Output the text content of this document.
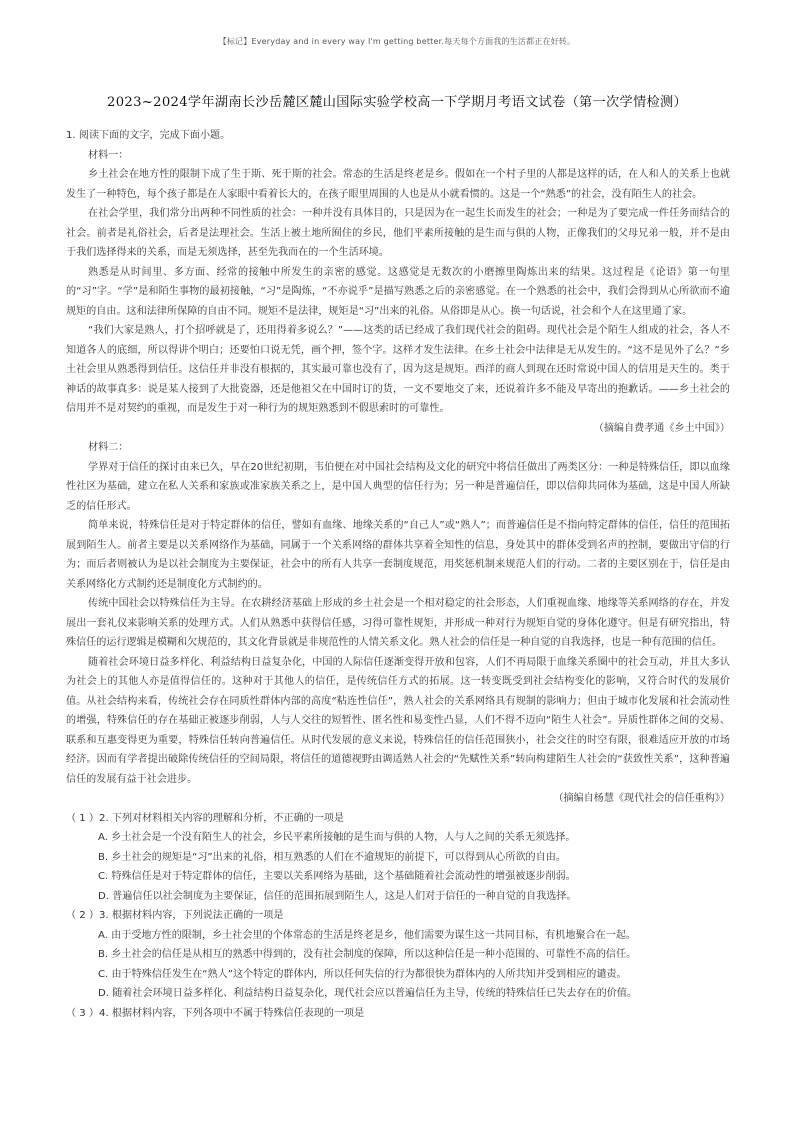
【标记】Everyday and in every way I'm getting better.每天每个方面我的生活都正在好转。
2023~2024学年湖南长沙岳麓区麓山国际实验学校高一下学期月考语文试卷（第一次学情检测）

1. 阅读下面的文字，完成下面小题。

材料一：

乡土社会在地方性的限制下成了生于斯、死于斯的社会。常态的生活是终老是乡。假如在一个村子里的人都是这样的话，在人和人的关系上也就发生了一种特色，每个孩子都是在人家眼中看着长大的，在孩子眼里周围的人也是从小就看惯的。这是一个“熟悉”的社会，没有陌生人的社会。

在社会学里，我们常分出两种不同性质的社会：一种并没有具体目的，只是因为在一起生长而发生的社会；一种是为了要完成一件任务而结合的社会。前者是礼俗社会，后者是法理社会。生活上被土地所囿住的乡民，他们平素所接触的是生而与俱的人物，正像我们的父母兄弟一般，并不是由于我们选择得来的关系，而是无须选择，甚至先我而在的一个生活环境。

熟悉是从时间里、多方面、经常的接触中所发生的亲密的感觉。这感觉是无数次的小磨擦里陶炼出来的结果。这过程是《论语》第一句里的“习”字。“学”是和陌生事物的最初接触，“习”是陶炼，“不亦说乎”是描写熟悉之后的亲密感觉。在一个熟悉的社会中，我们会得到从心所欲而不逾规矩的自由。这和法律所保障的自由不同。规矩不是法律，规矩是“习”出来的礼俗。从俗即是从心。换一句话说，社会和个人在这里通了家。

“我们大家是熟人，打个招呼就是了，还用得着多说么？”——这类的话已经成了我们现代社会的阻碍。现代社会是个陌生人组成的社会，各人不知道各人的底细，所以得讲个明白；还要怕口说无凭，画个押，签个字。这样才发生法律。在乡土社会中法律是无从发生的。“这不是见外了么？”乡土社会里从熟悉得到信任。这信任并非没有根据的，其实最可靠也没有了，因为这是规矩。西洋的商人到现在还时常说中国人的信用是天生的。类于神话的故事真多：说是某人接到了大批瓷器，还是他祖父在中国时订的货，一文不要地交了来，还说着许多不能及早寄出的抱歉话。——乡土社会的信用并不是对契约的重视，而是发生于对一种行为的规矩熟悉到不假思索时的可靠性。

（摘编自费孝通《乡土中国》）

材料二：

学界对于信任的探讨由来已久，早在20世纪初期，韦伯便在对中国社会结构及文化的研究中将信任做出了两类区分：一种是特殊信任，即以血缘性社区为基础，建立在私人关系和家族或准家族关系之上，是中国人典型的信任行为；另一种是普遍信任，即以信仰共同体为基础，这是中国人所缺乏的信任形式。

简单来说，特殊信任是对于特定群体的信任，譬如有血缘、地缘关系的“自己人”或“熟人”；而普遍信任是不指向特定群体的信任，信任的范围拓展到陌生人。前者主要是以关系网络作为基础，同属于一个关系网络的群体共享着全知性的信息，身处其中的群体受到名声的控制，要做出守信的行为；而后者则被认为是以社会制度为主要保证，社会中的所有人共享一套制度规范，用奖惩机制来规范人们的行动。二者的主要区别在于，信任是由关系网络化方式制约还是制度化方式制约的。

传统中国社会以特殊信任为主导。在农耕经济基础上形成的乡土社会是一个相对稳定的社会形态，人们重视血缘、地缘等关系网络的存在，并发展出一套礼仪来影响关系的处理方式。人们从熟悉中获得信任感，习得可靠性规矩，并形成一种对行为规矩自觉的身体化遵守。但是有研究指出，特殊信任的运行逻辑是模糊和欠规范的，其文化背景就是非规范性的人情关系文化。熟人社会的信任是一种自觉的自我选择，也是一种有范围的信任。

随着社会环境日益多样化、利益结构日益复杂化，中国的人际信任逐渐变得开放和包容，人们不再局限于血缘关系圈中的社会互动，并且大多认为社会上的其他人亦是值得信任的。这种对于其他人的信任，是传统信任方式的拓展。这一转变既受到社会结构变化的影响，又符合时代的发展价值。从社会结构来看，传统社会存在同质性群体内部的高度“粘连性信任”，熟人社会的关系网络具有规制的影响力；但由于城市化发展和社会流动性的增强，特殊信任的存在基础正被逐步削弱，人与人交往的短暂性、匿名性和易变性凸显，人们不得不迈向“陌生人社会”。异质性群体之间的交易、联系和互惠变得更为重要，特殊信任转向普遍信任。从时代发展的意义来说，特殊信任的信任范围狭小，社会交往的时空有限，很难适应开放的市场经济。因而有学者提出破除传统信任的空间局限，将信任的道德视野由调适熟人社会的“先赋性关系”转向构建陌生人社会的“获致性关系”，这种普遍信任的发展有益于社会进步。

（摘编自杨慧《现代社会的信任重构》）

（ 1 ）2. 下列对材料相关内容的理解和分析，不正确的一项是

A. 乡土社会是一个没有陌生人的社会，乡民平素所接触的是生而与俱的人物，人与人之间的关系无须选择。
B. 乡土社会的规矩是“习”出来的礼俗，相互熟悉的人们在不逾规矩的前提下，可以得到从心所欲的自由。
C. 特殊信任是对于特定群体的信任，主要以关系网络为基础，这个基础随着社会流动性的增强被逐步削弱。
D. 普遍信任以社会制度为主要保证，信任的范围拓展到陌生人，这是人们对于信任的一种自觉的自我选择。

（ 2 ）3. 根据材料内容，下列说法正确的一项是

A. 由于受地方性的限制，乡土社会里的个体常态的生活是终老是乡，他们需要为谋生这一共同目标，有机地聚合在一起。
B. 乡土社会的信任是从相互的熟悉中得到的，没有社会制度的保障，所以这种信任是一种小范围的、可靠性不高的信任。
C. 由于特殊信任发生在“熟人”这个特定的群体内，所以任何失信的行为都很快为群体内的人所共知并受到相应的谴责。
D. 随着社会环境日益多样化、利益结构日益复杂化，现代社会应以普遍信任为主导，传统的特殊信任已失去存在的价值。

（ 3 ）4. 根据材料内容，下列各项中不属于特殊信任表现的一项是
